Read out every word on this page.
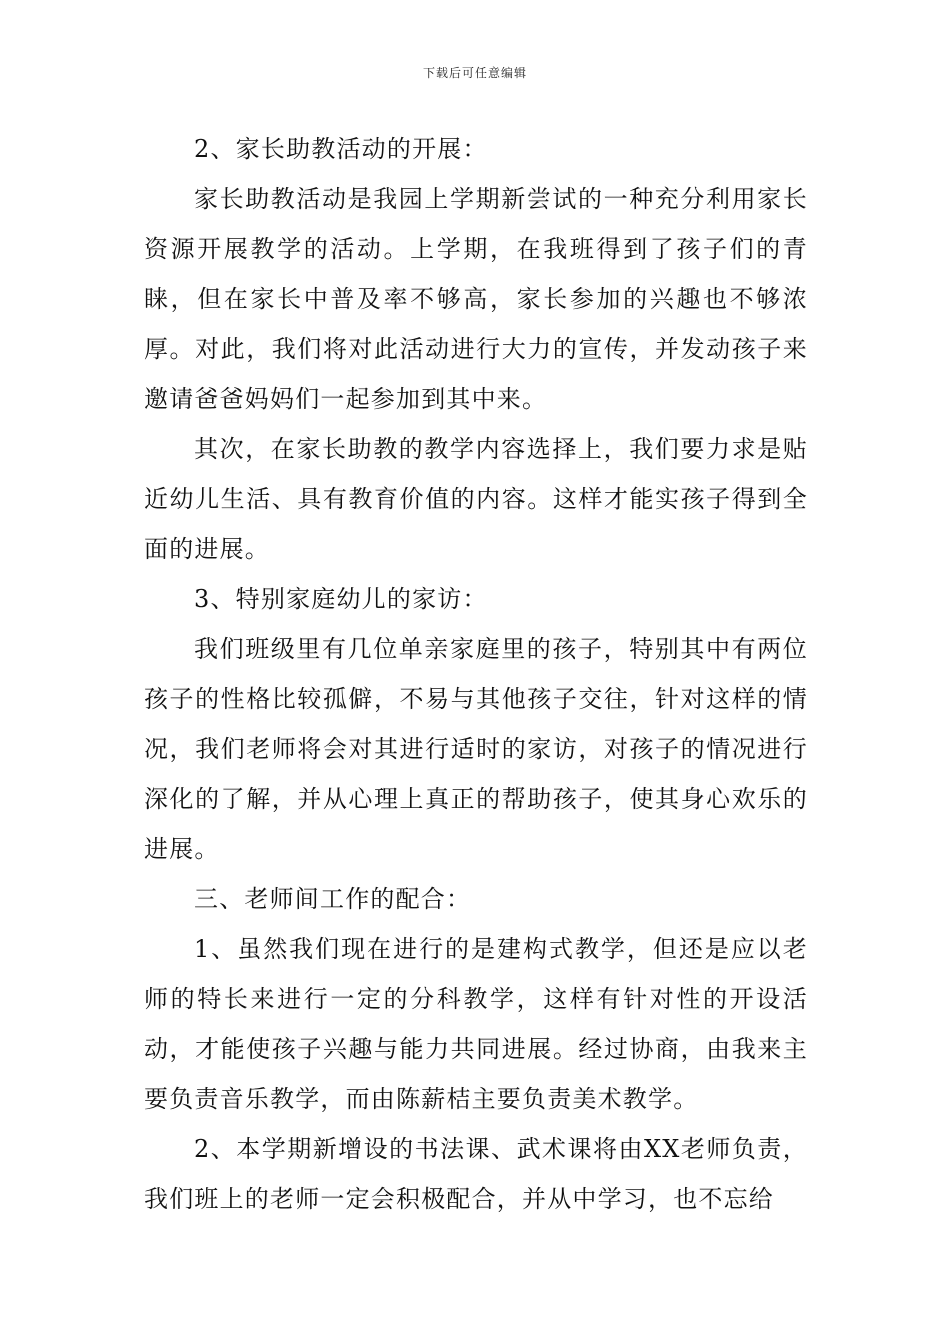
下载后可任意编辑

2、家长助教活动的开展：

家长助教活动是我园上学期新尝试的一种充分利用家长资源开展教学的活动。上学期，在我班得到了孩子们的青睐，但在家长中普及率不够高，家长参加的兴趣也不够浓厚。对此，我们将对此活动进行大力的宣传，并发动孩子来邀请爸爸妈妈们一起参加到其中来。

其次，在家长助教的教学内容选择上，我们要力求是贴近幼儿生活、具有教育价值的内容。这样才能实孩子得到全面的进展。

3、特别家庭幼儿的家访：

我们班级里有几位单亲家庭里的孩子，特别其中有两位孩子的性格比较孤僻，不易与其他孩子交往，针对这样的情况，我们老师将会对其进行适时的家访，对孩子的情况进行深化的了解，并从心理上真正的帮助孩子，使其身心欢乐的进展。

三、老师间工作的配合：

1、虽然我们现在进行的是建构式教学，但还是应以老师的特长来进行一定的分科教学，这样有针对性的开设活动，才能使孩子兴趣与能力共同进展。经过协商，由我来主要负责音乐教学，而由陈薪桔主要负责美术教学。

2、本学期新增设的书法课、武术课将由XX老师负责，我们班上的老师一定会积极配合，并从中学习，也不忘给
